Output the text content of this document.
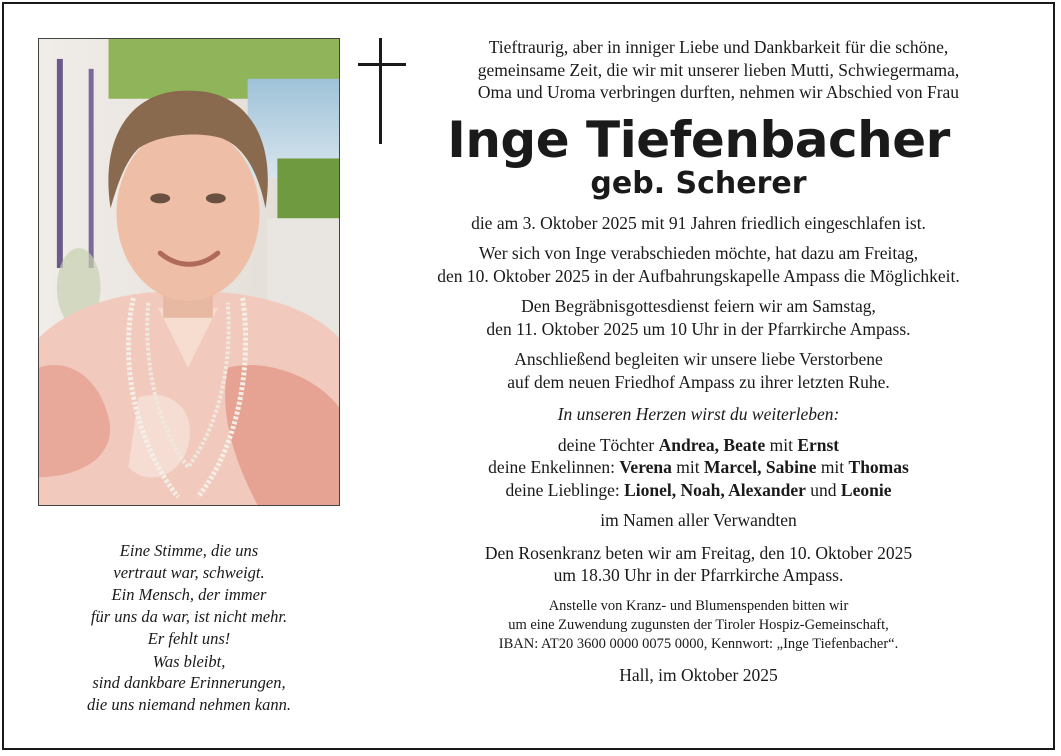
Eine Stimme, die uns
vertraut war, schweigt.
Ein Mensch, der immer
für uns da war, ist nicht mehr.
Er fehlt uns!
Was bleibt,
sind dankbare Erinnerungen,
die uns niemand nehmen kann.
Tieftraurig, aber in inniger Liebe und Dankbarkeit für die schöne,
gemeinsame Zeit, die wir mit unserer lieben Mutti, Schwiegermama,
Oma und Uroma verbringen durften, nehmen wir Abschied von Frau
Inge Tiefenbacher
geb. Scherer
die am 3. Oktober 2025 mit 91 Jahren friedlich eingeschlafen ist.
Wer sich von Inge verabschieden möchte, hat dazu am Freitag,
den 10. Oktober 2025 in der Aufbahrungskapelle Ampass die Möglichkeit.
Den Begräbnisgottesdienst feiern wir am Samstag,
den 11. Oktober 2025 um 10 Uhr in der Pfarrkirche Ampass.
Anschließend begleiten wir unsere liebe Verstorbene
auf dem neuen Friedhof Ampass zu ihrer letzten Ruhe.
In unseren Herzen wirst du weiterleben:
deine Töchter Andrea, Beate mit Ernst
deine Enkelinnen: Verena mit Marcel, Sabine mit Thomas
deine Lieblinge: Lionel, Noah, Alexander und Leonie
im Namen aller Verwandten
Den Rosenkranz beten wir am Freitag, den 10. Oktober 2025
um 18.30 Uhr in der Pfarrkirche Ampass.
Anstelle von Kranz- und Blumenspenden bitten wir
um eine Zuwendung zugunsten der Tiroler Hospiz-Gemeinschaft,
IBAN: AT20 3600 0000 0075 0000, Kennwort: „Inge Tiefenbacher“.
Hall, im Oktober 2025
